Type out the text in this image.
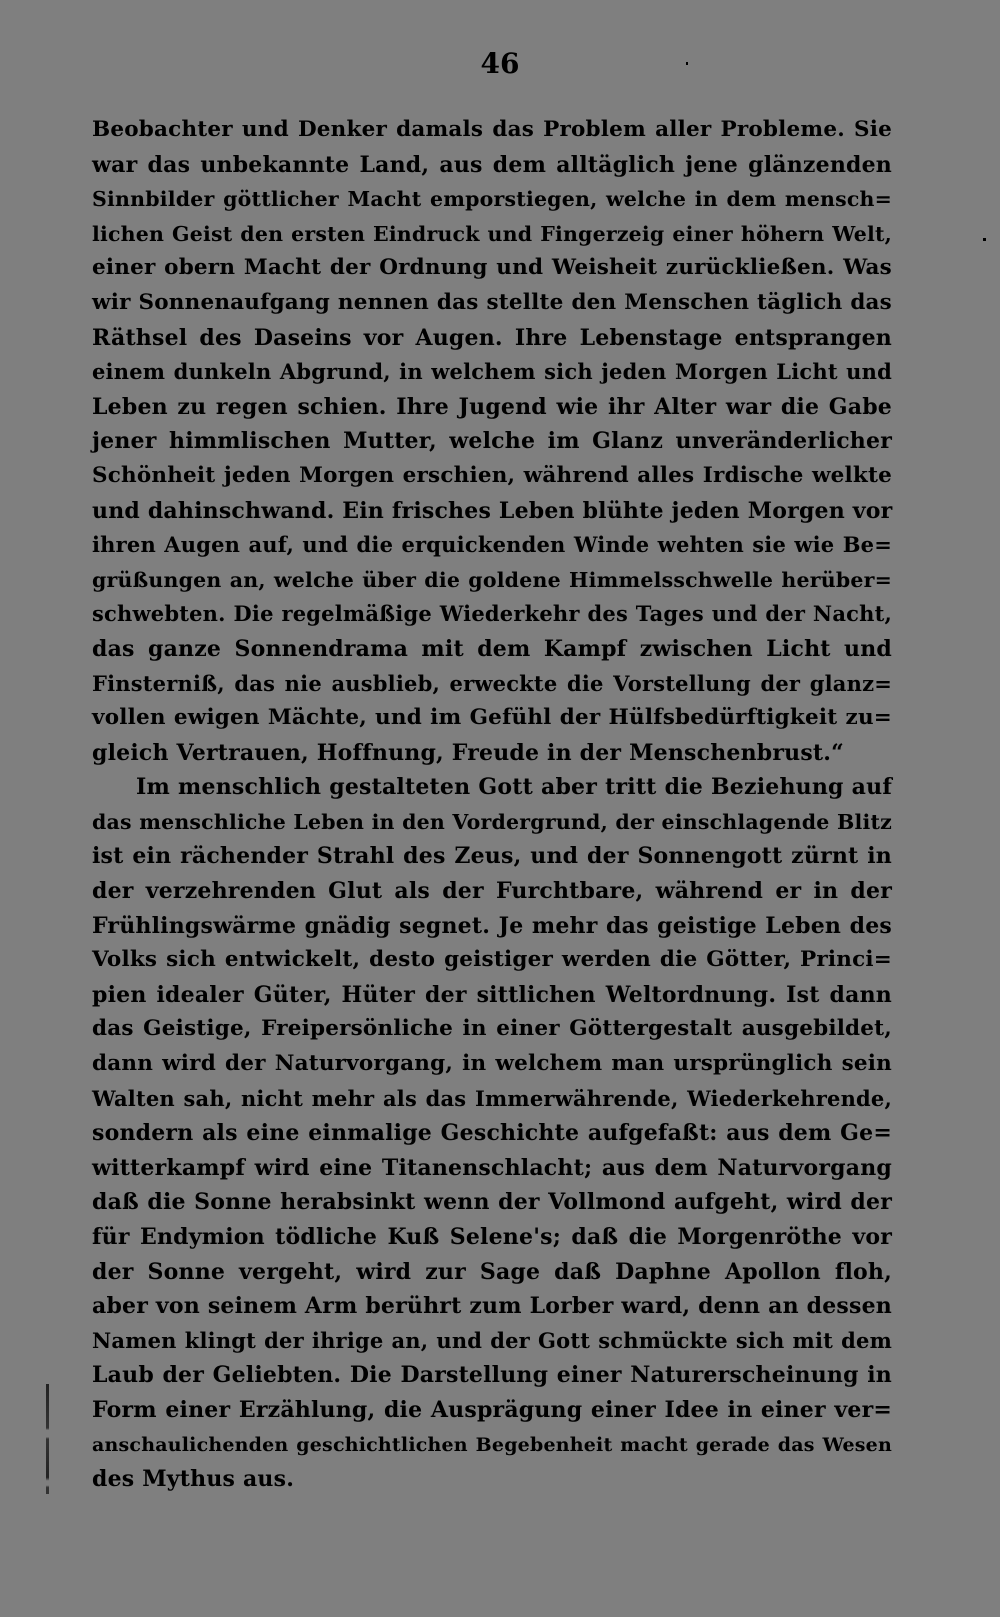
46
Beobachter und Denker damals das Problem aller Probleme. Sie
war das unbekannte Land, aus dem alltäglich jene glänzenden
Sinnbilder göttlicher Macht emporstiegen, welche in dem mensch=
lichen Geist den ersten Eindruck und Fingerzeig einer höhern Welt,
einer obern Macht der Ordnung und Weisheit zurückließen. Was
wir Sonnenaufgang nennen das stellte den Menschen täglich das
Räthsel des Daseins vor Augen. Ihre Lebenstage entsprangen
einem dunkeln Abgrund, in welchem sich jeden Morgen Licht und
Leben zu regen schien. Ihre Jugend wie ihr Alter war die Gabe
jener himmlischen Mutter, welche im Glanz unveränderlicher
Schönheit jeden Morgen erschien, während alles Irdische welkte
und dahinschwand. Ein frisches Leben blühte jeden Morgen vor
ihren Augen auf, und die erquickenden Winde wehten sie wie Be=
grüßungen an, welche über die goldene Himmelsschwelle herüber=
schwebten. Die regelmäßige Wiederkehr des Tages und der Nacht,
das ganze Sonnendrama mit dem Kampf zwischen Licht und
Finsterniß, das nie ausblieb, erweckte die Vorstellung der glanz=
vollen ewigen Mächte, und im Gefühl der Hülfsbedürftigkeit zu=
gleich Vertrauen, Hoffnung, Freude in der Menschenbrust.“
Im menschlich gestalteten Gott aber tritt die Beziehung auf
das menschliche Leben in den Vordergrund, der einschlagende Blitz
ist ein rächender Strahl des Zeus, und der Sonnengott zürnt in
der verzehrenden Glut als der Furchtbare, während er in der
Frühlingswärme gnädig segnet. Je mehr das geistige Leben des
Volks sich entwickelt, desto geistiger werden die Götter, Princi=
pien idealer Güter, Hüter der sittlichen Weltordnung. Ist dann
das Geistige, Freipersönliche in einer Göttergestalt ausgebildet,
dann wird der Naturvorgang, in welchem man ursprünglich sein
Walten sah, nicht mehr als das Immerwährende, Wiederkehrende,
sondern als eine einmalige Geschichte aufgefaßt: aus dem Ge=
witterkampf wird eine Titanenschlacht; aus dem Naturvorgang
daß die Sonne herabsinkt wenn der Vollmond aufgeht, wird der
für Endymion tödliche Kuß Selene's; daß die Morgenröthe vor
der Sonne vergeht, wird zur Sage daß Daphne Apollon floh,
aber von seinem Arm berührt zum Lorber ward, denn an dessen
Namen klingt der ihrige an, und der Gott schmückte sich mit dem
Laub der Geliebten. Die Darstellung einer Naturerscheinung in
Form einer Erzählung, die Ausprägung einer Idee in einer ver=
anschaulichenden geschichtlichen Begebenheit macht gerade das Wesen
des Mythus aus.
